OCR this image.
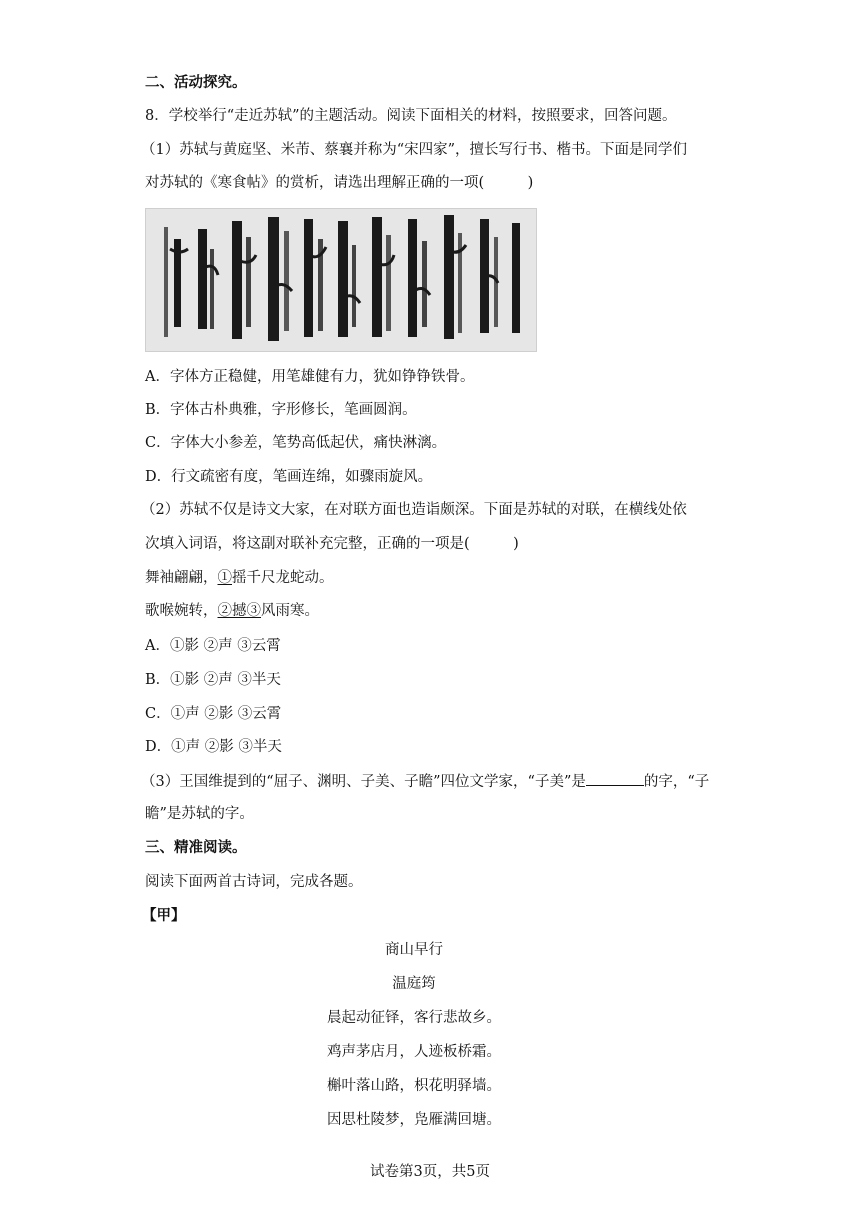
二、活动探究。
8．学校举行“走近苏轼”的主题活动。阅读下面相关的材料，按照要求，回答问题。
（1）苏轼与黄庭坚、米芾、蔡襄并称为“宋四家”，擅长写行书、楷书。下面是同学们
对苏轼的《寒食帖》的赏析，请选出理解正确的一项(　　　)
A．字体方正稳健，用笔雄健有力，犹如铮铮铁骨。
B．字体古朴典雅，字形修长，笔画圆润。
C．字体大小参差，笔势高低起伏，痛快淋漓。
D．行文疏密有度，笔画连绵，如骤雨旋风。
（2）苏轼不仅是诗文大家，在对联方面也造诣颇深。下面是苏轼的对联，在横线处依
次填入词语，将这副对联补充完整，正确的一项是(　　　)
舞袖翩翩，①摇千尺龙蛇动。
歌喉婉转，②撼③风雨寒。
A．①影 ②声 ③云霄
B．①影 ②声 ③半天
C．①声 ②影 ③云霄
D．①声 ②影 ③半天
（3）王国维提到的“屈子、渊明、子美、子瞻”四位文学家，“子美”是	的字，“子
瞻”是苏轼的字。
三、精准阅读。
阅读下面两首古诗词，完成各题。
【甲】
商山早行
温庭筠
晨起动征铎，客行悲故乡。
鸡声茅店月，人迹板桥霜。
槲叶落山路，枳花明驿墙。
因思杜陵梦，凫雁满回塘。
试卷第3页，共5页
